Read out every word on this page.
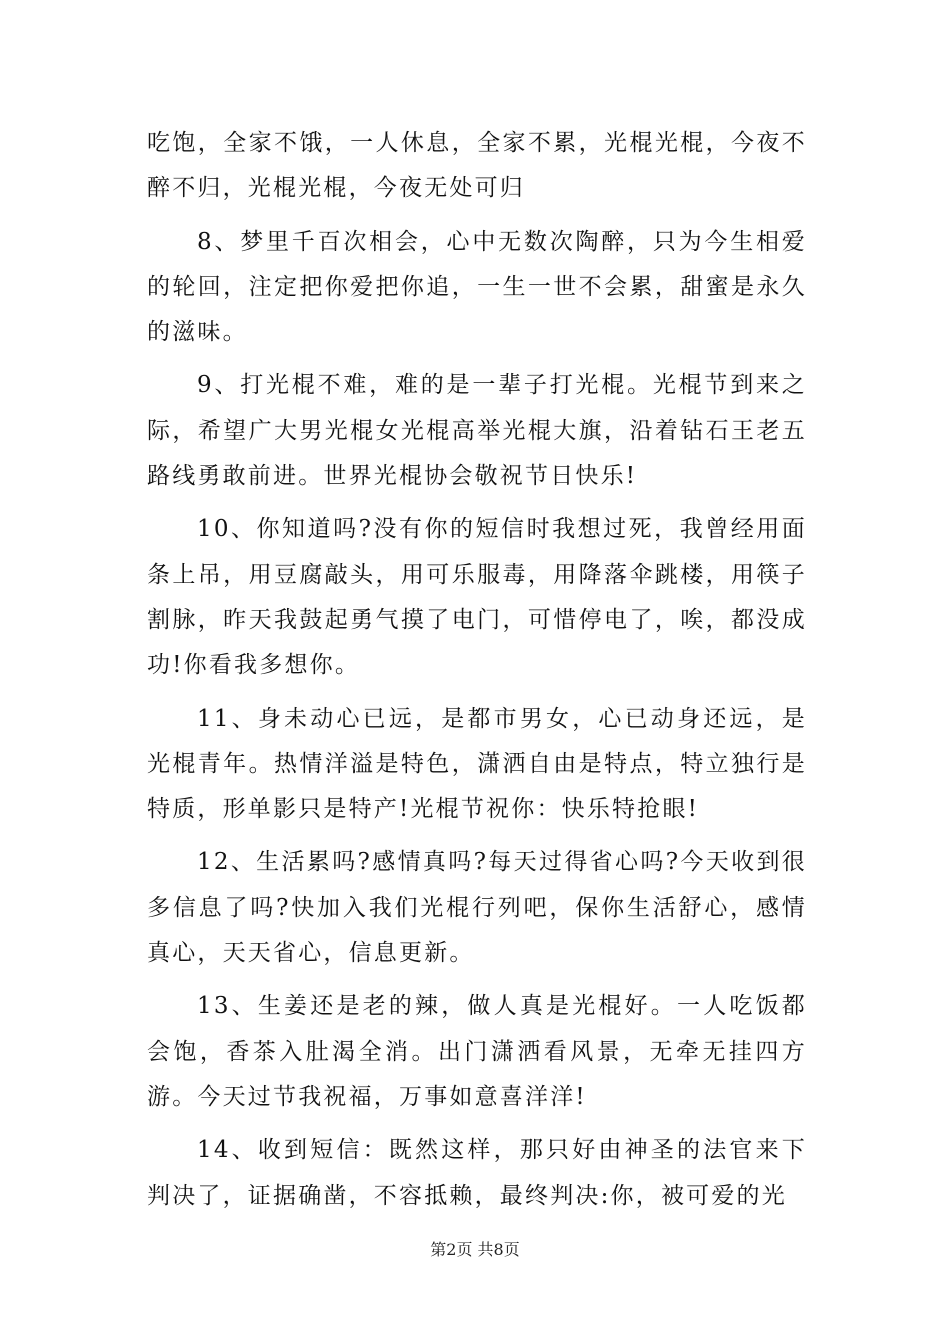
吃饱，全家不饿，一人休息，全家不累，光棍光棍，今夜不醉不归，光棍光棍，今夜无处可归

8、梦里千百次相会，心中无数次陶醉，只为今生相爱的轮回，注定把你爱把你追，一生一世不会累，甜蜜是永久的滋味。

9、打光棍不难，难的是一辈子打光棍。光棍节到来之际，希望广大男光棍女光棍高举光棍大旗，沿着钻石王老五路线勇敢前进。世界光棍协会敬祝节日快乐!

10、你知道吗?没有你的短信时我想过死，我曾经用面条上吊，用豆腐敲头，用可乐服毒，用降落伞跳楼，用筷子割脉，昨天我鼓起勇气摸了电门，可惜停电了，唉，都没成功!你看我多想你。

11、身未动心已远，是都市男女，心已动身还远，是光棍青年。热情洋溢是特色，潇洒自由是特点，特立独行是特质，形单影只是特产!光棍节祝你：快乐特抢眼!

12、生活累吗?感情真吗?每天过得省心吗?今天收到很多信息了吗?快加入我们光棍行列吧，保你生活舒心，感情真心，天天省心，信息更新。

13、生姜还是老的辣，做人真是光棍好。一人吃饭都会饱，香茶入肚渴全消。出门潇洒看风景，无牵无挂四方游。今天过节我祝福，万事如意喜洋洋!

14、收到短信：既然这样，那只好由神圣的法官来下判决了，证据确凿，不容抵赖，最终判决:你，被可爱的光

第2页 共8页
